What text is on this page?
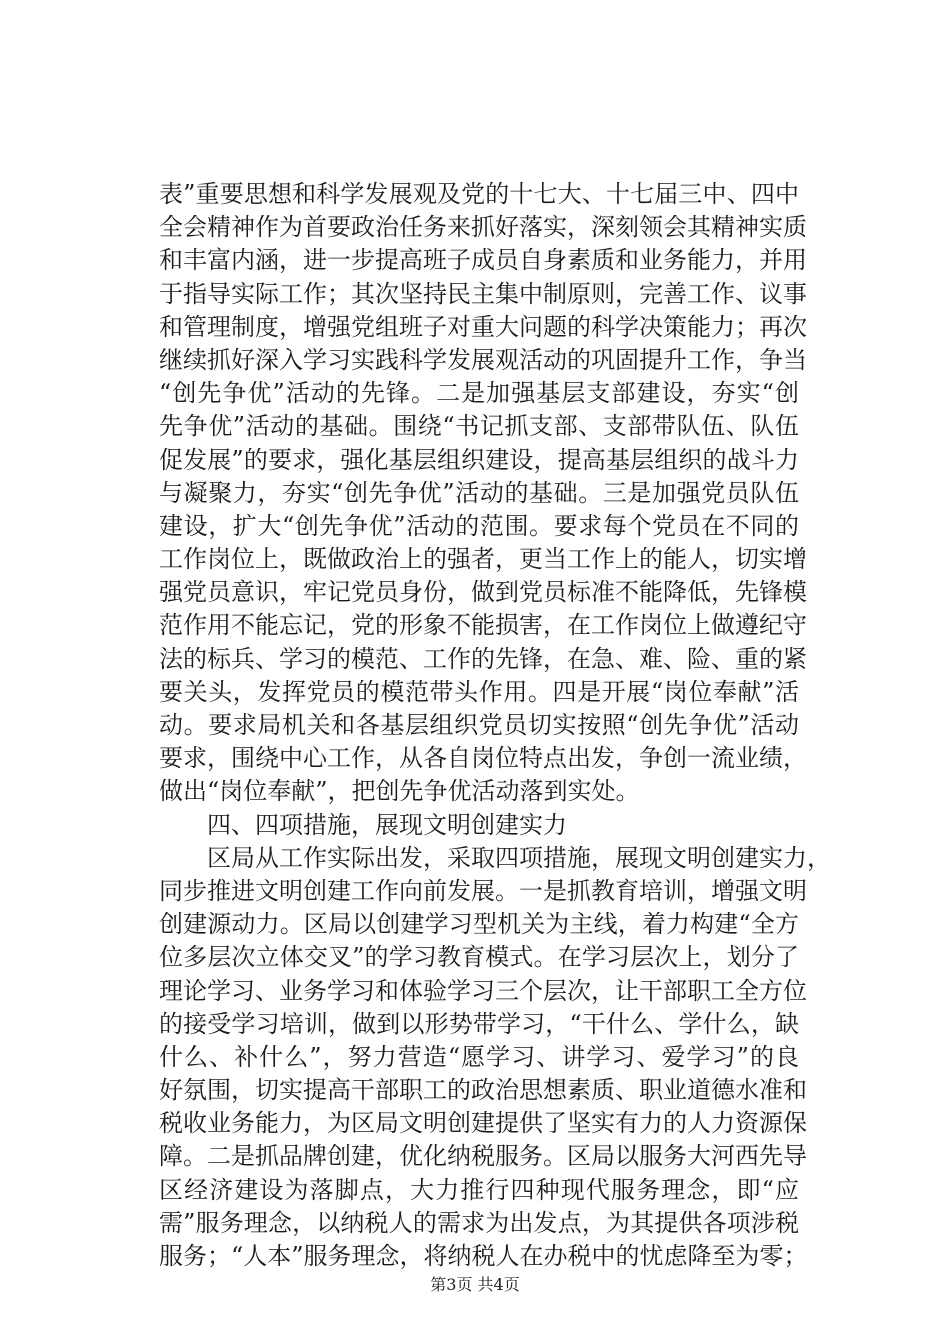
表”重要思想和科学发展观及党的十七大、十七届三中、四中
全会精神作为首要政治任务来抓好落实，深刻领会其精神实质
和丰富内涵，进一步提高班子成员自身素质和业务能力，并用
于指导实际工作；其次坚持民主集中制原则，完善工作、议事
和管理制度，增强党组班子对重大问题的科学决策能力；再次
继续抓好深入学习实践科学发展观活动的巩固提升工作，争当
“创先争优”活动的先锋。二是加强基层支部建设，夯实“创
先争优”活动的基础。围绕“书记抓支部、支部带队伍、队伍
促发展”的要求，强化基层组织建设，提高基层组织的战斗力
与凝聚力，夯实“创先争优”活动的基础。三是加强党员队伍
建设，扩大“创先争优”活动的范围。要求每个党员在不同的
工作岗位上，既做政治上的强者，更当工作上的能人，切实增
强党员意识，牢记党员身份，做到党员标准不能降低，先锋模
范作用不能忘记，党的形象不能损害，在工作岗位上做遵纪守
法的标兵、学习的模范、工作的先锋，在急、难、险、重的紧
要关头，发挥党员的模范带头作用。四是开展“岗位奉献”活
动。要求局机关和各基层组织党员切实按照“创先争优”活动
要求，围绕中心工作，从各自岗位特点出发，争创一流业绩，
做出“岗位奉献”，把创先争优活动落到实处。
四、四项措施，展现文明创建实力
区局从工作实际出发，采取四项措施，展现文明创建实力，
同步推进文明创建工作向前发展。一是抓教育培训，增强文明
创建源动力。区局以创建学习型机关为主线，着力构建“全方
位多层次立体交叉”的学习教育模式。在学习层次上，划分了
理论学习、业务学习和体验学习三个层次，让干部职工全方位
的接受学习培训，做到以形势带学习，“干什么、学什么，缺
什么、补什么”，努力营造“愿学习、讲学习、爱学习”的良
好氛围，切实提高干部职工的政治思想素质、职业道德水准和
税收业务能力，为区局文明创建提供了坚实有力的人力资源保
障。二是抓品牌创建，优化纳税服务。区局以服务大河西先导
区经济建设为落脚点，大力推行四种现代服务理念，即“应
需”服务理念，以纳税人的需求为出发点，为其提供各项涉税
服务；“人本”服务理念，将纳税人在办税中的忧虑降至为零；
第3页 共4页
